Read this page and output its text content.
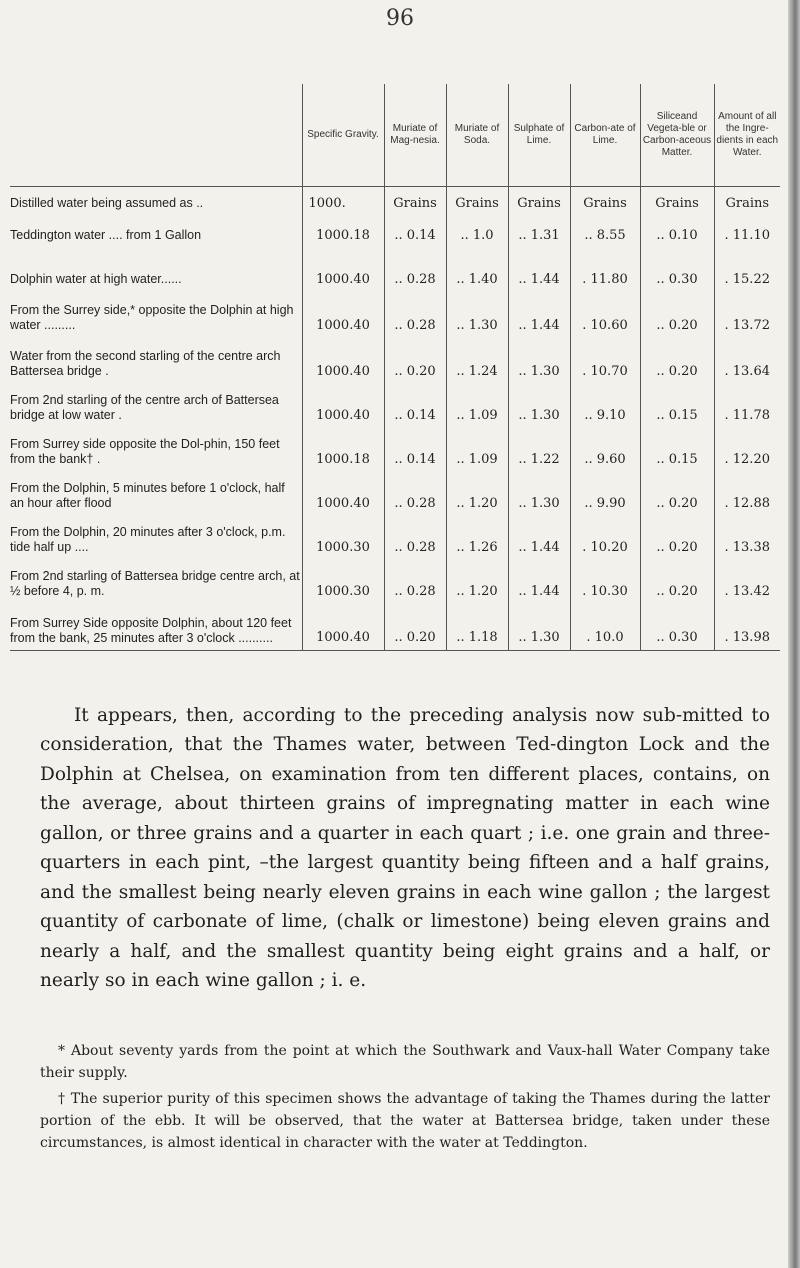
96
	Specific Gravity.	Muriate of Mag-nesia.	Muriate of Soda.	Sulphate of Lime.	Carbon-ate of Lime.	Siliceand Vegeta-ble or Carbon-aceous Matter.	Amount of all the Ingre-dients in each Water.
Distilled water being assumed as ..	1000.	Grains	Grains	Grains	Grains	Grains	Grains
Teddington water .... from 1 Gallon	1000.18	.. 0.14	.. 1.0	.. 1.31	.. 8.55	.. 0.10	. 11.10
Dolphin water at high water......	1000.40	.. 0.28	.. 1.40	.. 1.44	. 11.80	.. 0.30	. 15.22
From the Surrey side,* opposite the Dolphin at high water .........	1000.40	.. 0.28	.. 1.30	.. 1.44	. 10.60	.. 0.20	. 13.72
Water from the second starling of the centre arch Battersea bridge .	1000.40	.. 0.20	.. 1.24	.. 1.30	. 10.70	.. 0.20	. 13.64
From 2nd starling of the centre arch of Battersea bridge at low water .	1000.40	.. 0.14	.. 1.09	.. 1.30	.. 9.10	.. 0.15	. 11.78
From Surrey side opposite the Dol-phin, 150 feet from the bank† .	1000.18	.. 0.14	.. 1.09	.. 1.22	.. 9.60	.. 0.15	. 12.20
From the Dolphin, 5 minutes before 1 o'clock, half an hour after flood	1000.40	.. 0.28	.. 1.20	.. 1.30	.. 9.90	.. 0.20	. 12.88
From the Dolphin, 20 minutes after 3 o'clock, p.m. tide half up ....	1000.30	.. 0.28	.. 1.26	.. 1.44	. 10.20	.. 0.20	. 13.38
From 2nd starling of Battersea bridge centre arch, at ½ before 4, p. m.	1000.30	.. 0.28	.. 1.20	.. 1.44	. 10.30	.. 0.20	. 13.42
From Surrey Side opposite Dolphin, about 120 feet from the bank, 25 minutes after 3 o'clock ..........	1000.40	.. 0.20	.. 1.18	.. 1.30	. 10.0	.. 0.30	. 13.98

It appears, then, according to the preceding analysis now sub-mitted to consideration, that the Thames water, between Ted-dington Lock and the Dolphin at Chelsea, on examination from ten different places, contains, on the average, about thirteen grains of impregnating matter in each wine gallon, or three grains and a quarter in each quart ; i.e. one grain and three-quarters in each pint, –the largest quantity being fifteen and a half grains, and the smallest being nearly eleven grains in each wine gallon ; the largest quantity of carbonate of lime, (chalk or limestone) being eleven grains and nearly a half, and the smallest quantity being eight grains and a half, or nearly so in each wine gallon ; i. e.

* About seventy yards from the point at which the Southwark and Vaux-hall Water Company take their supply.

† The superior purity of this specimen shows the advantage of taking the Thames during the latter portion of the ebb. It will be observed, that the water at Battersea bridge, taken under these circumstances, is almost identical in character with the water at Teddington.
